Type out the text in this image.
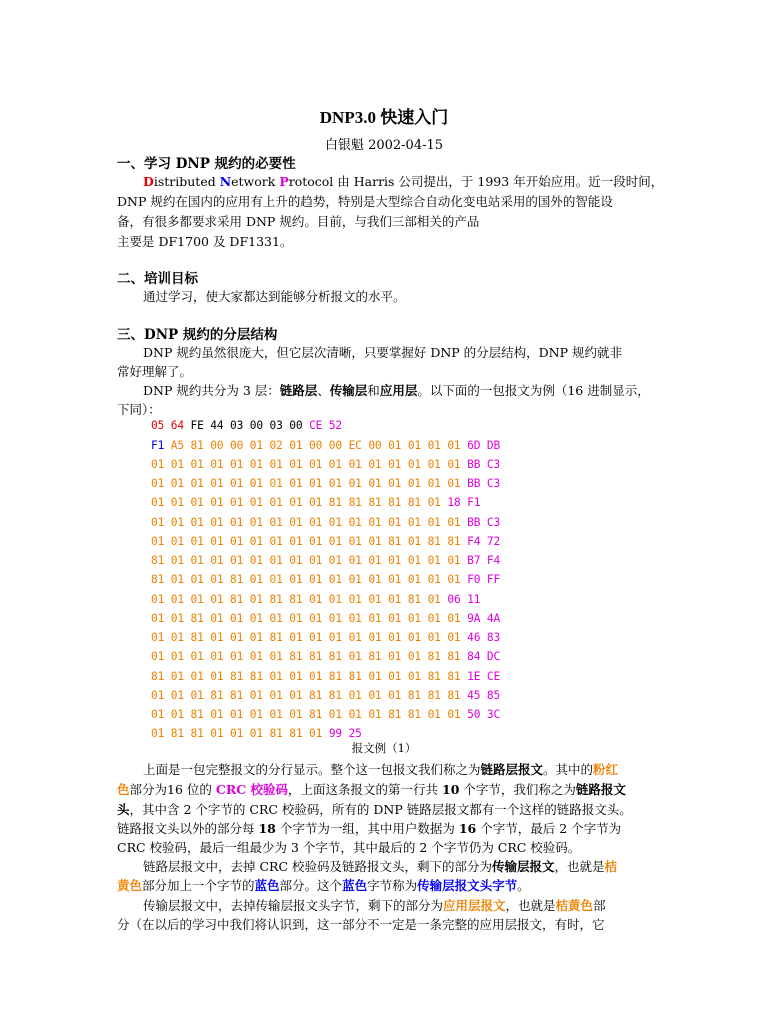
DNP3.0 快速入门
白银魁 2002-04-15
一、学习 DNP 规约的必要性
Distributed Network Protocol 由 Harris 公司提出，于 1993 年开始应用。近一段时间，
DNP 规约在国内的应用有上升的趋势，特别是大型综合自动化变电站采用的国外的智能设
备，有很多都要求采用 DNP 规约。目前，与我们三部相关的产品
主要是 DF1700 及 DF1331。
二、培训目标
通过学习，使大家都达到能够分析报文的水平。
三、DNP 规约的分层结构
DNP 规约虽然很庞大，但它层次清晰，只要掌握好 DNP 的分层结构，DNP 规约就非
常好理解了。
DNP 规约共分为 3 层：链路层、传输层和应用层。以下面的一包报文为例（16 进制显示，
下同）：
05 64 FE 44 03 00 03 00 CE 52
F1 A5 81 00 00 01 02 01 00 00 EC 00 01 01 01 01 6D DB
01 01 01 01 01 01 01 01 01 01 01 01 01 01 01 01 BB C3
01 01 01 01 01 01 01 01 01 01 01 01 01 01 01 01 BB C3
01 01 01 01 01 01 01 01 01 81 81 81 81 81 01 18 F1
01 01 01 01 01 01 01 01 01 01 01 01 01 01 01 01 BB C3
01 01 01 01 01 01 01 01 01 01 01 01 81 01 81 81 F4 72
81 01 01 01 01 01 01 01 01 01 01 01 01 01 01 01 B7 F4
81 01 01 01 81 01 01 01 01 01 01 01 01 01 01 01 F0 FF
01 01 01 01 81 01 81 81 01 01 01 01 01 81 01 06 11
01 01 81 01 01 01 01 01 01 01 01 01 01 01 01 01 9A 4A
01 01 81 01 01 01 81 01 01 01 01 01 01 01 01 01 46 83
01 01 01 01 01 01 01 81 81 81 01 81 01 01 81 81 84 DC
81 01 01 01 81 81 01 01 01 81 81 01 01 01 81 81 1E CE
01 01 01 81 81 01 01 01 81 81 01 01 01 81 81 81 45 85
01 01 81 01 01 01 01 01 81 01 01 01 81 81 01 01 50 3C
01 81 81 01 01 01 81 81 01 99 25
报文例（1）
上面是一包完整报文的分行显示。整个这一包报文我们称之为链路层报文。其中的粉红
色部分为16 位的 CRC 校验码，上面这条报文的第一行共 10 个字节，我们称之为链路报文
头，其中含 2 个字节的 CRC 校验码，所有的 DNP 链路层报文都有一个这样的链路报文头。
链路报文头以外的部分每 18 个字节为一组，其中用户数据为 16 个字节，最后 2 个字节为
CRC 校验码，最后一组最少为 3 个字节，其中最后的 2 个字节仍为 CRC 校验码。
链路层报文中，去掉 CRC 校验码及链路报文头，剩下的部分为传输层报文，也就是桔
黄色部分加上一个字节的蓝色部分。这个蓝色字节称为传输层报文头字节。
传输层报文中，去掉传输层报文头字节，剩下的部分为应用层报文，也就是桔黄色部
分（在以后的学习中我们将认识到，这一部分不一定是一条完整的应用层报文，有时，它
